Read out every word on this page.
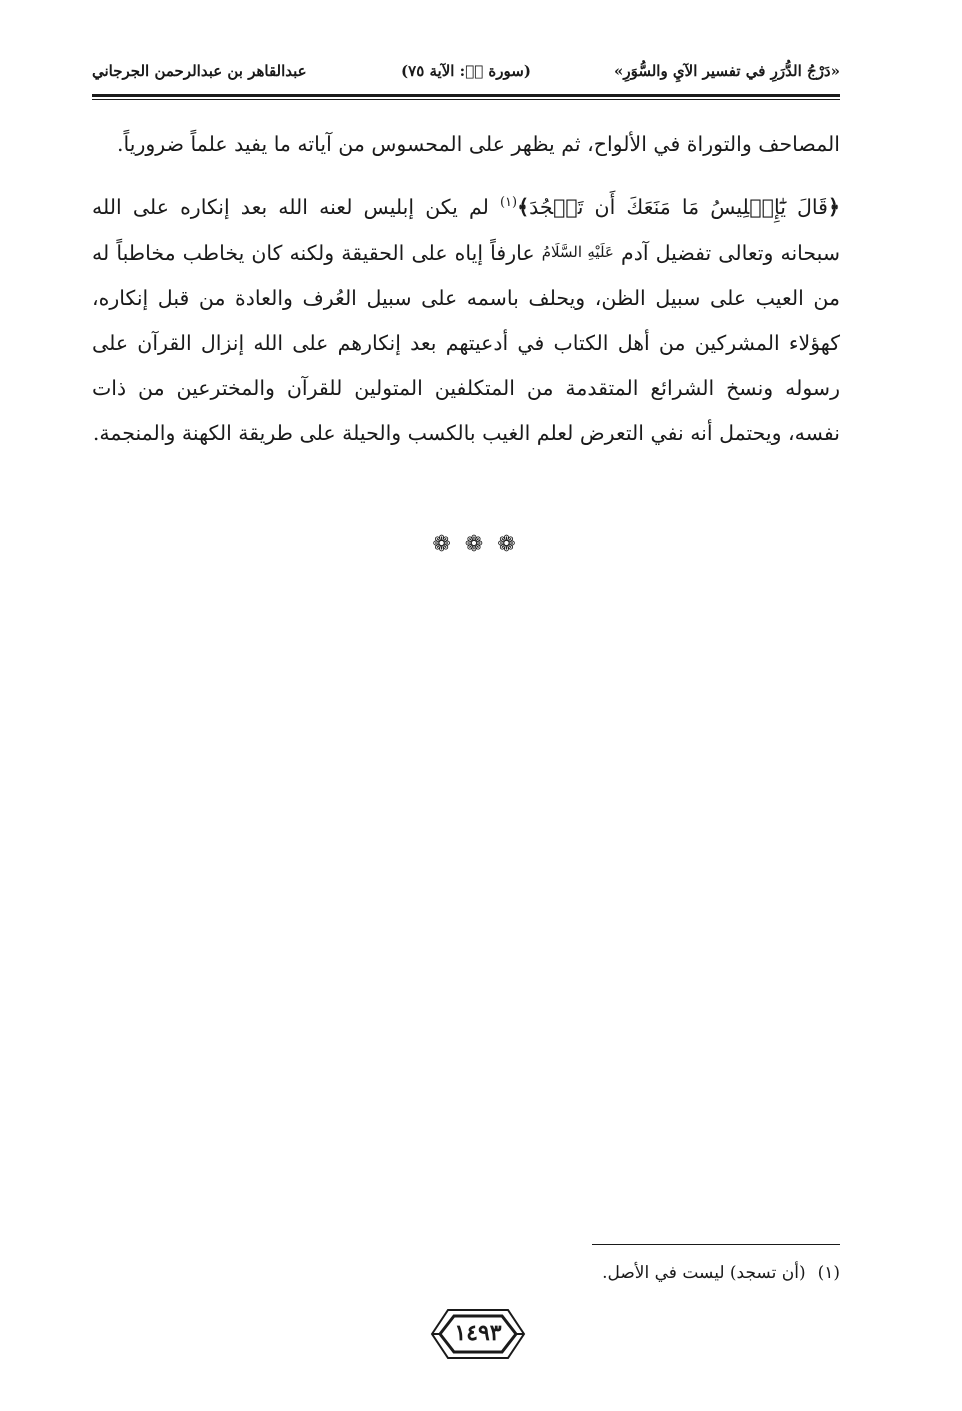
«دَرْجُ الدُّرَرِ في تفسير الآيِ والسُّوَرِ»
(سورة صۤ: الآية ٧٥)
عبدالقاهر بن عبدالرحمن الجرجاني

المصاحف والتوراة في الألواح، ثم يظهر على المحسوس من آياته ما يفيد علماً ضرورياً.

﴿قَالَ يَٰٓإِبۡلِيسُ مَا مَنَعَكَ أَن تَسۡجُدَ﴾$^{(١)}$ لم يكن إبليس لعنه الله بعد إنكاره على الله سبحانه وتعالى تفضيل آدم عَلَيْهِ السَّلَامُ عارفاً إياه على الحقيقة ولكنه كان يخاطب مخاطباً له من العيب على سبيل الظن، ويحلف باسمه على سبيل العُرف والعادة من قبل إنكاره، كهؤلاء المشركين من أهل الكتاب في أدعيتهم بعد إنكارهم على الله إنزال القرآن على رسوله ونسخ الشرائع المتقدمة من المتكلفين المتولين للقرآن والمخترعين من ذات نفسه، ويحتمل أنه نفي التعرض لعلم الغيب بالكسب والحيلة على طريقة الكهنة والمنجمة.

❁❁❁
(١)(أن تسجد) ليست في الأصل.
١٤٩٣
